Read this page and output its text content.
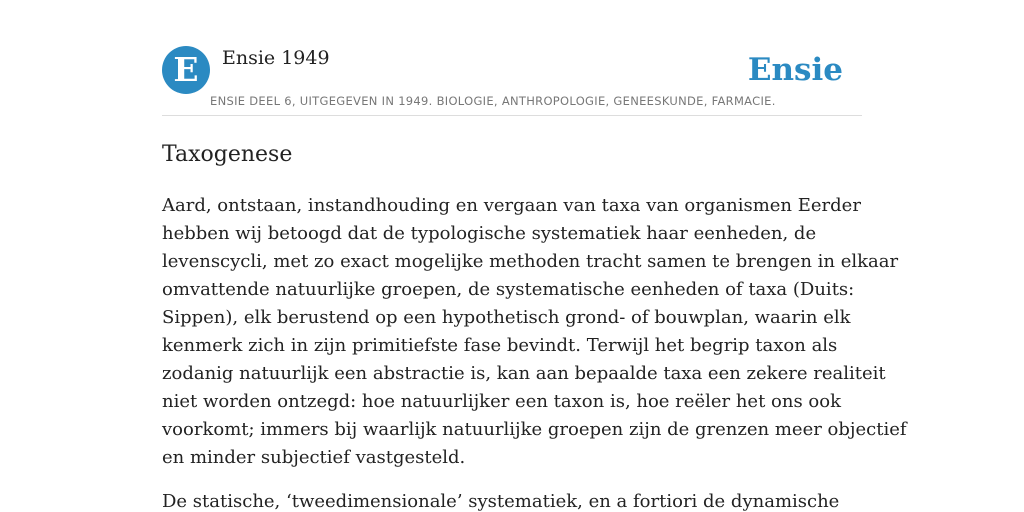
E	Ensie 1949	Ensie
ENSIE DEEL 6, UITGEGEVEN IN 1949. BIOLOGIE, ANTHROPOLOGIE, GENEESKUNDE, FARMACIE.
Taxogenese

Aard, ontstaan, instandhouding en vergaan van taxa van organismen Eerder
hebben wij betoogd dat de typologische systematiek haar eenheden, de
levenscycli, met zo exact mogelijke methoden tracht samen te brengen in elkaar
omvattende natuurlijke groepen, de systematische eenheden of taxa (Duits:
Sippen), elk berustend op een hypothetisch grond- of bouwplan, waarin elk
kenmerk zich in zijn primitiefste fase bevindt. Terwijl het begrip taxon als
zodanig natuurlijk een abstractie is, kan aan bepaalde taxa een zekere realiteit
niet worden ontzegd: hoe natuurlijker een taxon is, hoe reëler het ons ook
voorkomt; immers bij waarlijk natuurlijke groepen zijn de grenzen meer objectief
en minder subjectief vastgesteld.

De statische, ‘tweedimensionale’ systematiek, en a fortiori de dynamische
